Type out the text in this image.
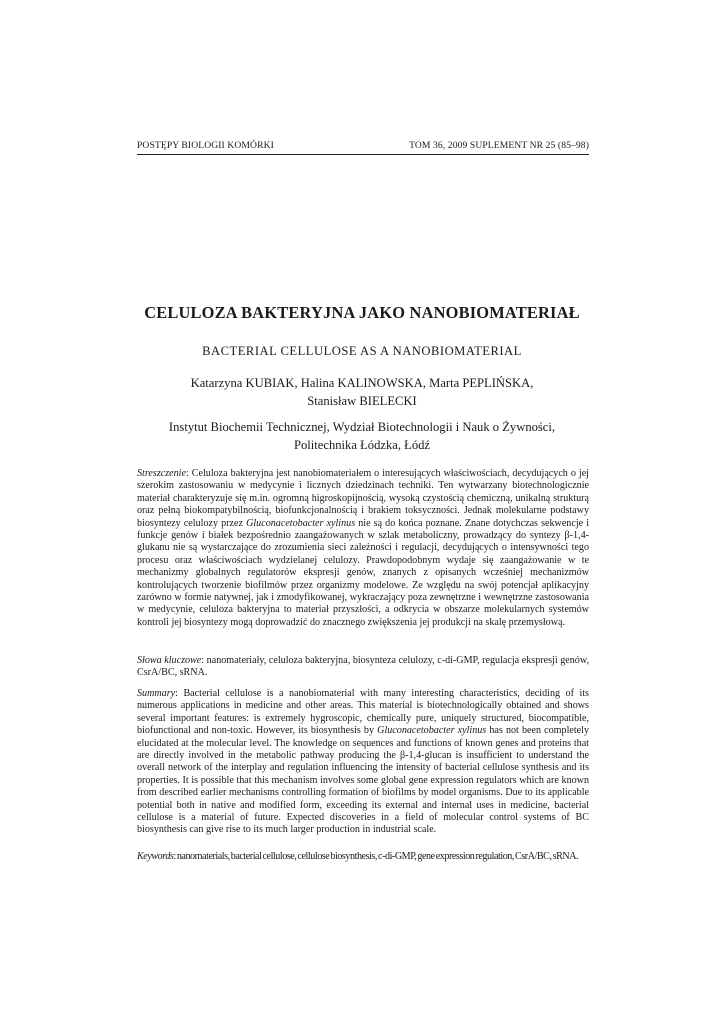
POSTĘPY BIOLOGII KOMÓRKI	TOM 36, 2009 SUPLEMENT NR 25 (85–98)
CELULOZA BAKTERYJNA JAKO NANOBIOMATERIAŁ
BACTERIAL CELLULOSE AS A NANOBIOMATERIAL
Katarzyna KUBIAK, Halina KALINOWSKA, Marta PEPLIŃSKA,
Stanisław BIELECKI
Instytut Biochemii Technicznej, Wydział Biotechnologii i Nauk o Żywności,
Politechnika Łódzka, Łódź

Streszczenie: Celuloza bakteryjna jest nanobiomateriałem o interesujących właściwościach, decydujących o jej szerokim zastosowaniu w medycynie i licznych dziedzinach techniki. Ten wytwarzany biotechnologicznie materiał charakteryzuje się m.in. ogromną higroskopijnością, wysoką czystością chemiczną, unikalną strukturą oraz pełną biokompatybilnością, biofunkcjonalnością i brakiem toksyczności. Jednak molekularne podstawy biosyntezy celulozy przez Gluconacetobacter xylinus nie są do końca poznane. Znane dotychczas sekwencje i funkcje genów i białek bezpośrednio zaangażowanych w szlak metaboliczny, prowadzący do syntezy β-1,4-glukanu nie są wystarczające do zrozumienia sieci zależności i regulacji, decydujących o intensywności tego procesu oraz właściwościach wydzielanej celulozy. Prawdopodobnym wydaje się zaangażowanie w te mechanizmy globalnych regulatorów ekspresji genów, znanych z opisanych wcześniej mechanizmów kontrolujących tworzenie biofilmów przez organizmy modelowe. Ze względu na swój potencjał aplikacyjny zarówno w formie natywnej, jak i zmodyfikowanej, wykraczający poza zewnętrzne i wewnętrzne zastosowania w medycynie, celuloza bakteryjna to materiał przyszłości, a odkrycia w obszarze molekularnych systemów kontroli jej biosyntezy mogą doprowadzić do znacznego zwiększenia jej produkcji na skalę przemysłową.

Słowa kluczowe: nanomateriały, celuloza bakteryjna, biosynteza celulozy, c-di-GMP, regulacja ekspresji genów, CsrA/BC, sRNA.

Summary: Bacterial cellulose is a nanobiomaterial with many interesting characteristics, deciding of its numerous applications in medicine and other areas. This material is biotechnologically obtained and shows several important features: is extremely hygroscopic, chemically pure, uniquely structured, biocompatible, biofunctional and non-toxic. However, its biosynthesis by Gluconacetobacter xylinus has not been completely elucidated at the molecular level. The knowledge on sequences and functions of known genes and proteins that are directly involved in the metabolic pathway producing the β-1,4-glucan is insufficient to understand the overall network of the interplay and regulation influencing the intensity of bacterial cellulose synthesis and its properties. It is possible that this mechanism involves some global gene expression regulators which are known from described earlier mechanisms controlling formation of biofilms by model organisms. Due to its applicable potential both in native and modified form, exceeding its external and internal uses in medicine, bacterial cellulose is a material of future. Expected discoveries in a field of molecular control systems of BC biosynthesis can give rise to its much larger production in industrial scale.

Keywords: nanomaterials, bacterial cellulose, cellulose biosynthesis, c-di-GMP, gene expression regulation, CsrA/BC, sRNA.
